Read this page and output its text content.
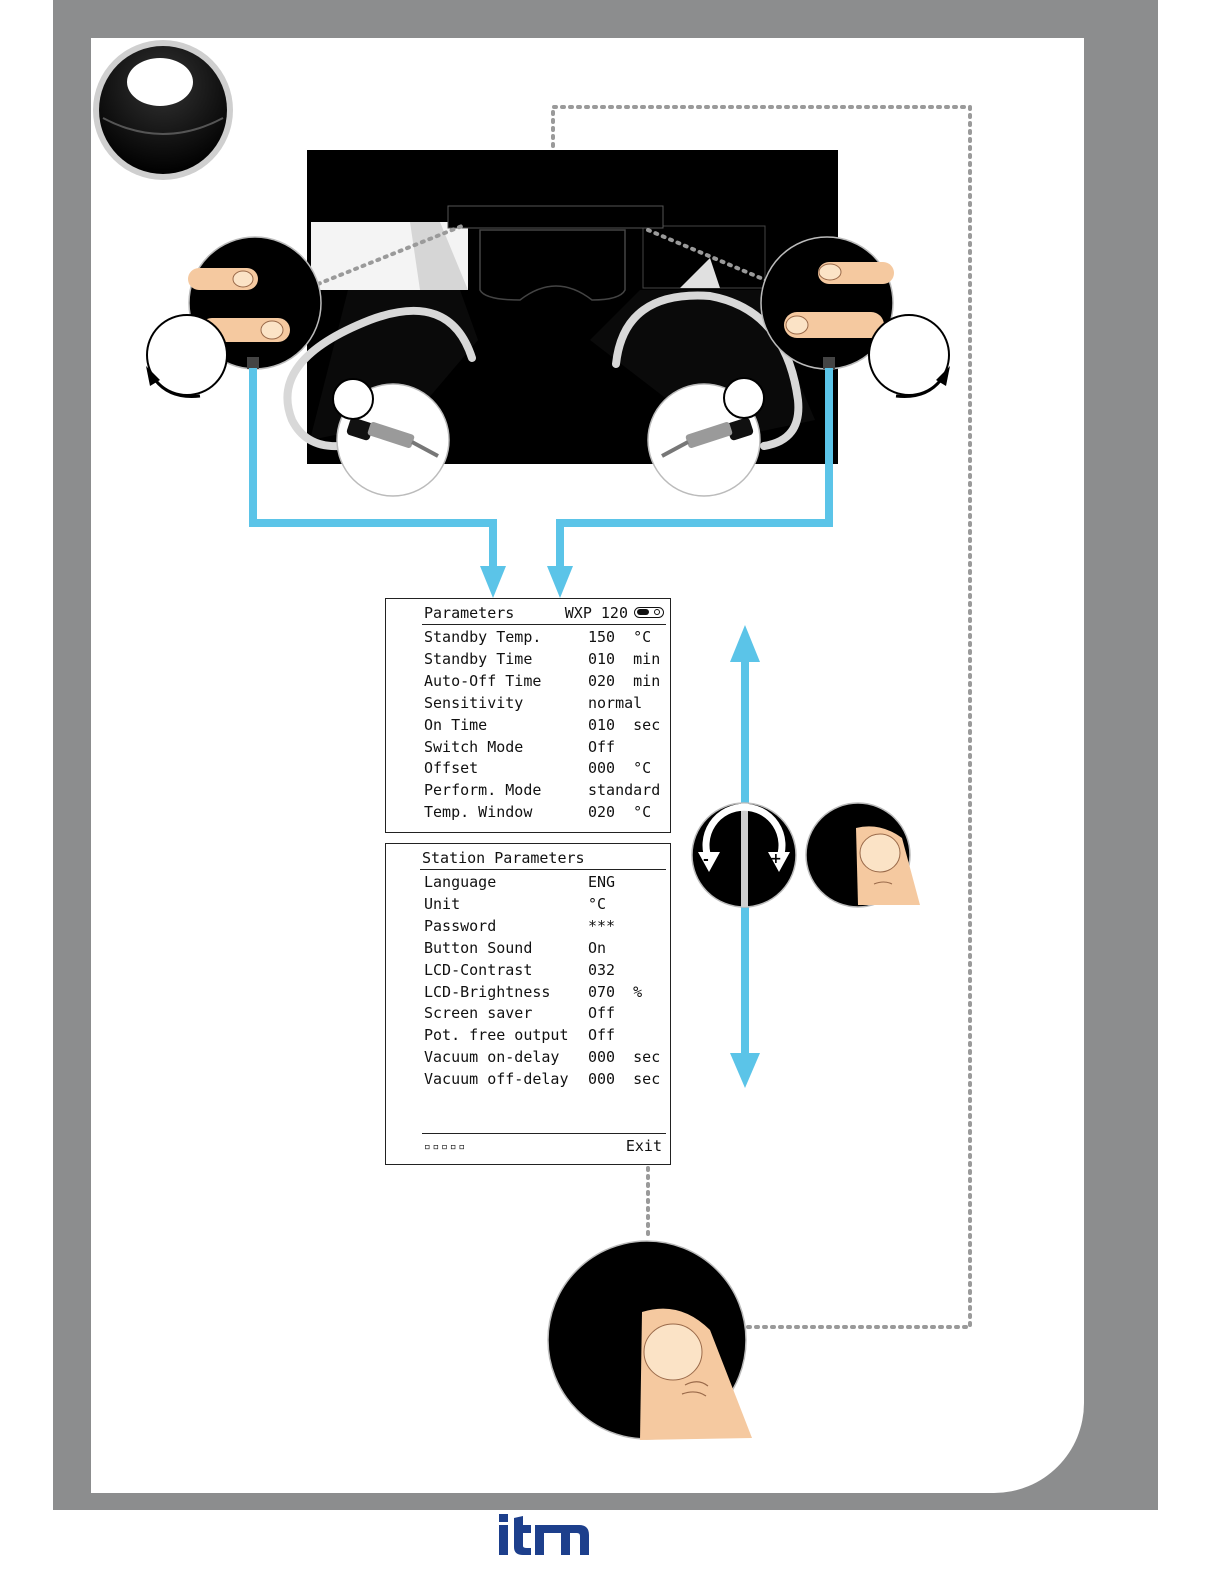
-	+
Parameters	WXP 120
Standby Temp.	150  °C
Standby Time	010  min
Auto-Off Time	020  min
Sensitivity	normal
On Time	010  sec
Switch Mode	Off
Offset	000  °C
Perform. Mode	standard
Temp. Window	020  °C
Station Parameters
Language	ENG
Unit	°C
Password	***
Button Sound	On
LCD-Contrast	032
LCD-Brightness	070  %
Screen saver	Off
Pot. free output Off
Vacuum on-delay 000  sec
Vacuum off-delay 000  sec
▫▫▫▫▫	Exit
